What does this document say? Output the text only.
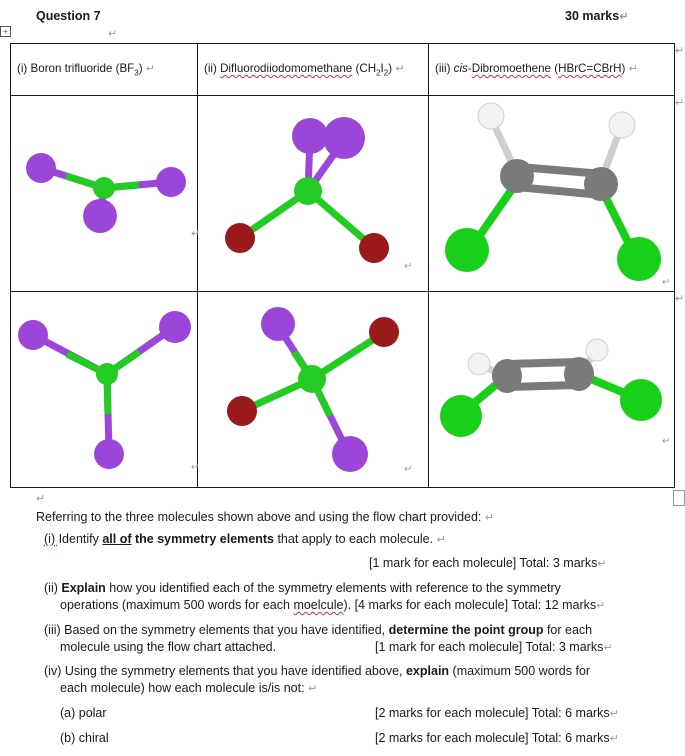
+
Question 7	30 marks↵
↵
(i) Boron trifluoride $(BF_3)$ ↵	(ii) Difluorodiiodomomethane $(CH_2I_2)$ ↵	(iii) cis-Dibromoethene (HBrC=CBrH) ↵

↵	↵	↵

↵	↵	↵
↵
↵
↵
↵
Referring to the three molecules shown above and using the flow chart provided: ↵
(i) Identify all of the symmetry elements that apply to each molecule. ↵
[1 mark for each molecule] Total: 3 marks↵
(ii) Explain how you identified each of the symmetry elements with reference to the symmetry
operations (maximum 500 words for each moelcule). [4 marks for each molecule] Total: 12 marks↵
(iii) Based on the symmetry elements that you have identified, determine the point group for each
molecule using the flow chart attached.	[1 mark for each molecule] Total: 3 marks↵
(iv) Using the symmetry elements that you have identified above, explain (maximum 500 words for
each molecule) how each molecule is/is not: ↵
(a) polar	[2 marks for each molecule] Total: 6 marks↵
(b) chiral	[2 marks for each molecule] Total: 6 marks↵
